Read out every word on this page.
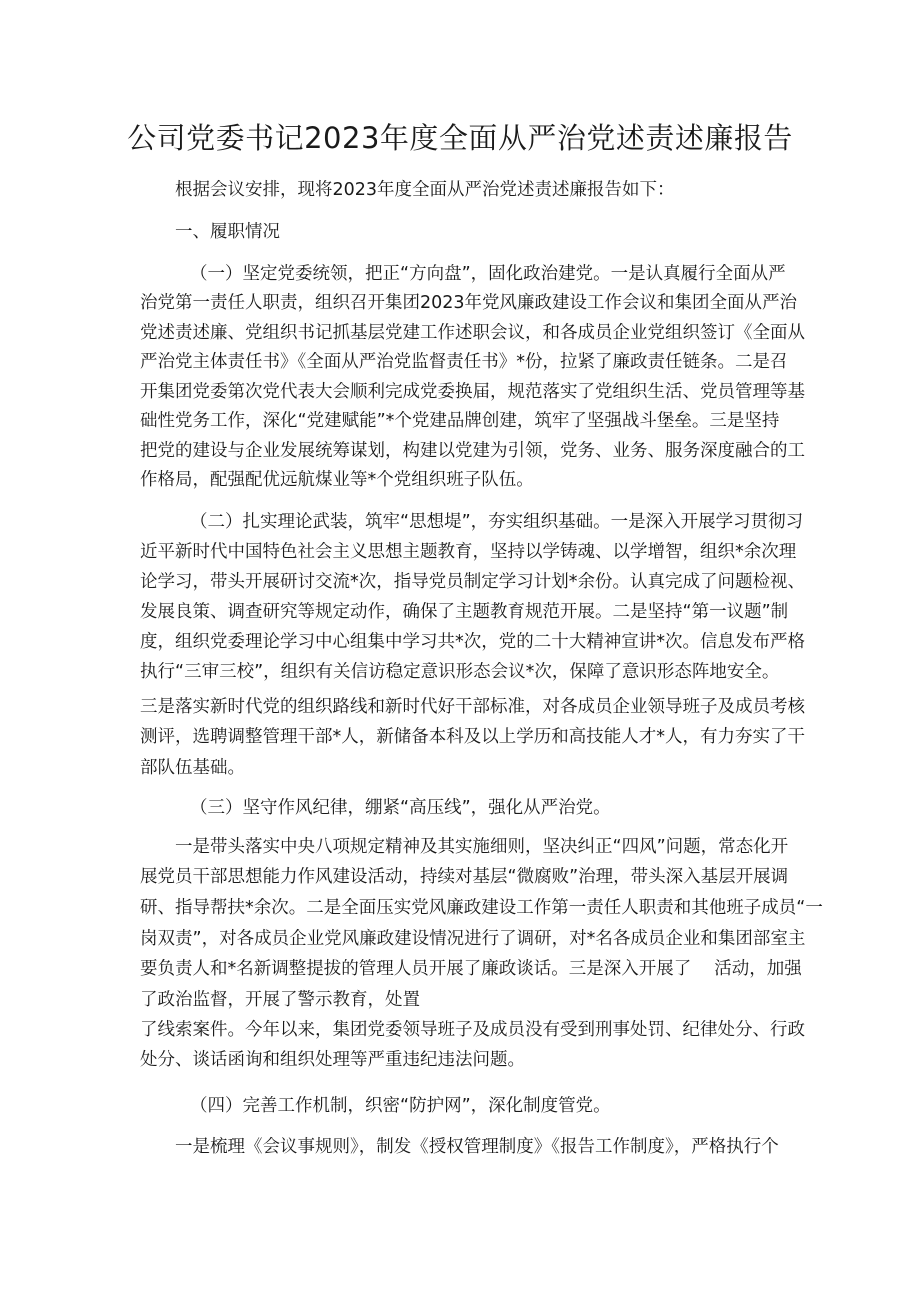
公司党委书记2023年度全面从严治党述责述廉报告

根据会议安排，现将2023年度全面从严治党述责述廉报告如下：

一、履职情况

（一）坚定党委统领，把正“方向盘”，固化政治建党。一是认真履行全面从严

治党第一责任人职责，组织召开集团2023年党风廉政建设工作会议和集团全面从严治

党述责述廉、党组织书记抓基层党建工作述职会议，和各成员企业党组织签订《全面从

严治党主体责任书》《全面从严治党监督责任书》*份，拉紧了廉政责任链条。二是召

开集团党委第次党代表大会顺利完成党委换届，规范落实了党组织生活、党员管理等基

础性党务工作，深化“党建赋能”*个党建品牌创建，筑牢了坚强战斗堡垒。三是坚持

把党的建设与企业发展统筹谋划，构建以党建为引领，党务、业务、服务深度融合的工

作格局，配强配优远航煤业等*个党组织班子队伍。

（二）扎实理论武装，筑牢“思想堤”，夯实组织基础。一是深入开展学习贯彻习

近平新时代中国特色社会主义思想主题教育，坚持以学铸魂、以学增智，组织*余次理

论学习，带头开展研讨交流*次，指导党员制定学习计划*余份。认真完成了问题检视、

发展良策、调查研究等规定动作，确保了主题教育规范开展。二是坚持“第一议题”制

度，组织党委理论学习中心组集中学习共*次，党的二十大精神宣讲*次。信息发布严格

执行“三审三校”，组织有关信访稳定意识形态会议*次，保障了意识形态阵地安全。

三是落实新时代党的组织路线和新时代好干部标准，对各成员企业领导班子及成员考核

测评，选聘调整管理干部*人，新储备本科及以上学历和高技能人才*人，有力夯实了干

部队伍基础。

（三）坚守作风纪律，绷紧“高压线”，强化从严治党。

一是带头落实中央八项规定精神及其实施细则，坚决纠正“四风”问题，常态化开

展党员干部思想能力作风建设活动，持续对基层“微腐败”治理，带头深入基层开展调

研、指导帮扶*余次。二是全面压实党风廉政建设工作第一责任人职责和其他班子成员“一

岗双责”，对各成员企业党风廉政建设情况进行了调研，对*名各成员企业和集团部室主

要负责人和*名新调整提拔的管理人员开展了廉政谈话。三是深入开展了　 活动，加强

了政治监督，开展了警示教育，处置

了线索案件。今年以来，集团党委领导班子及成员没有受到刑事处罚、纪律处分、行政

处分、谈话函询和组织处理等严重违纪违法问题。

（四）完善工作机制，织密“防护网”，深化制度管党。

一是梳理《会议事规则》，制发《授权管理制度》《报告工作制度》，严格执行个
